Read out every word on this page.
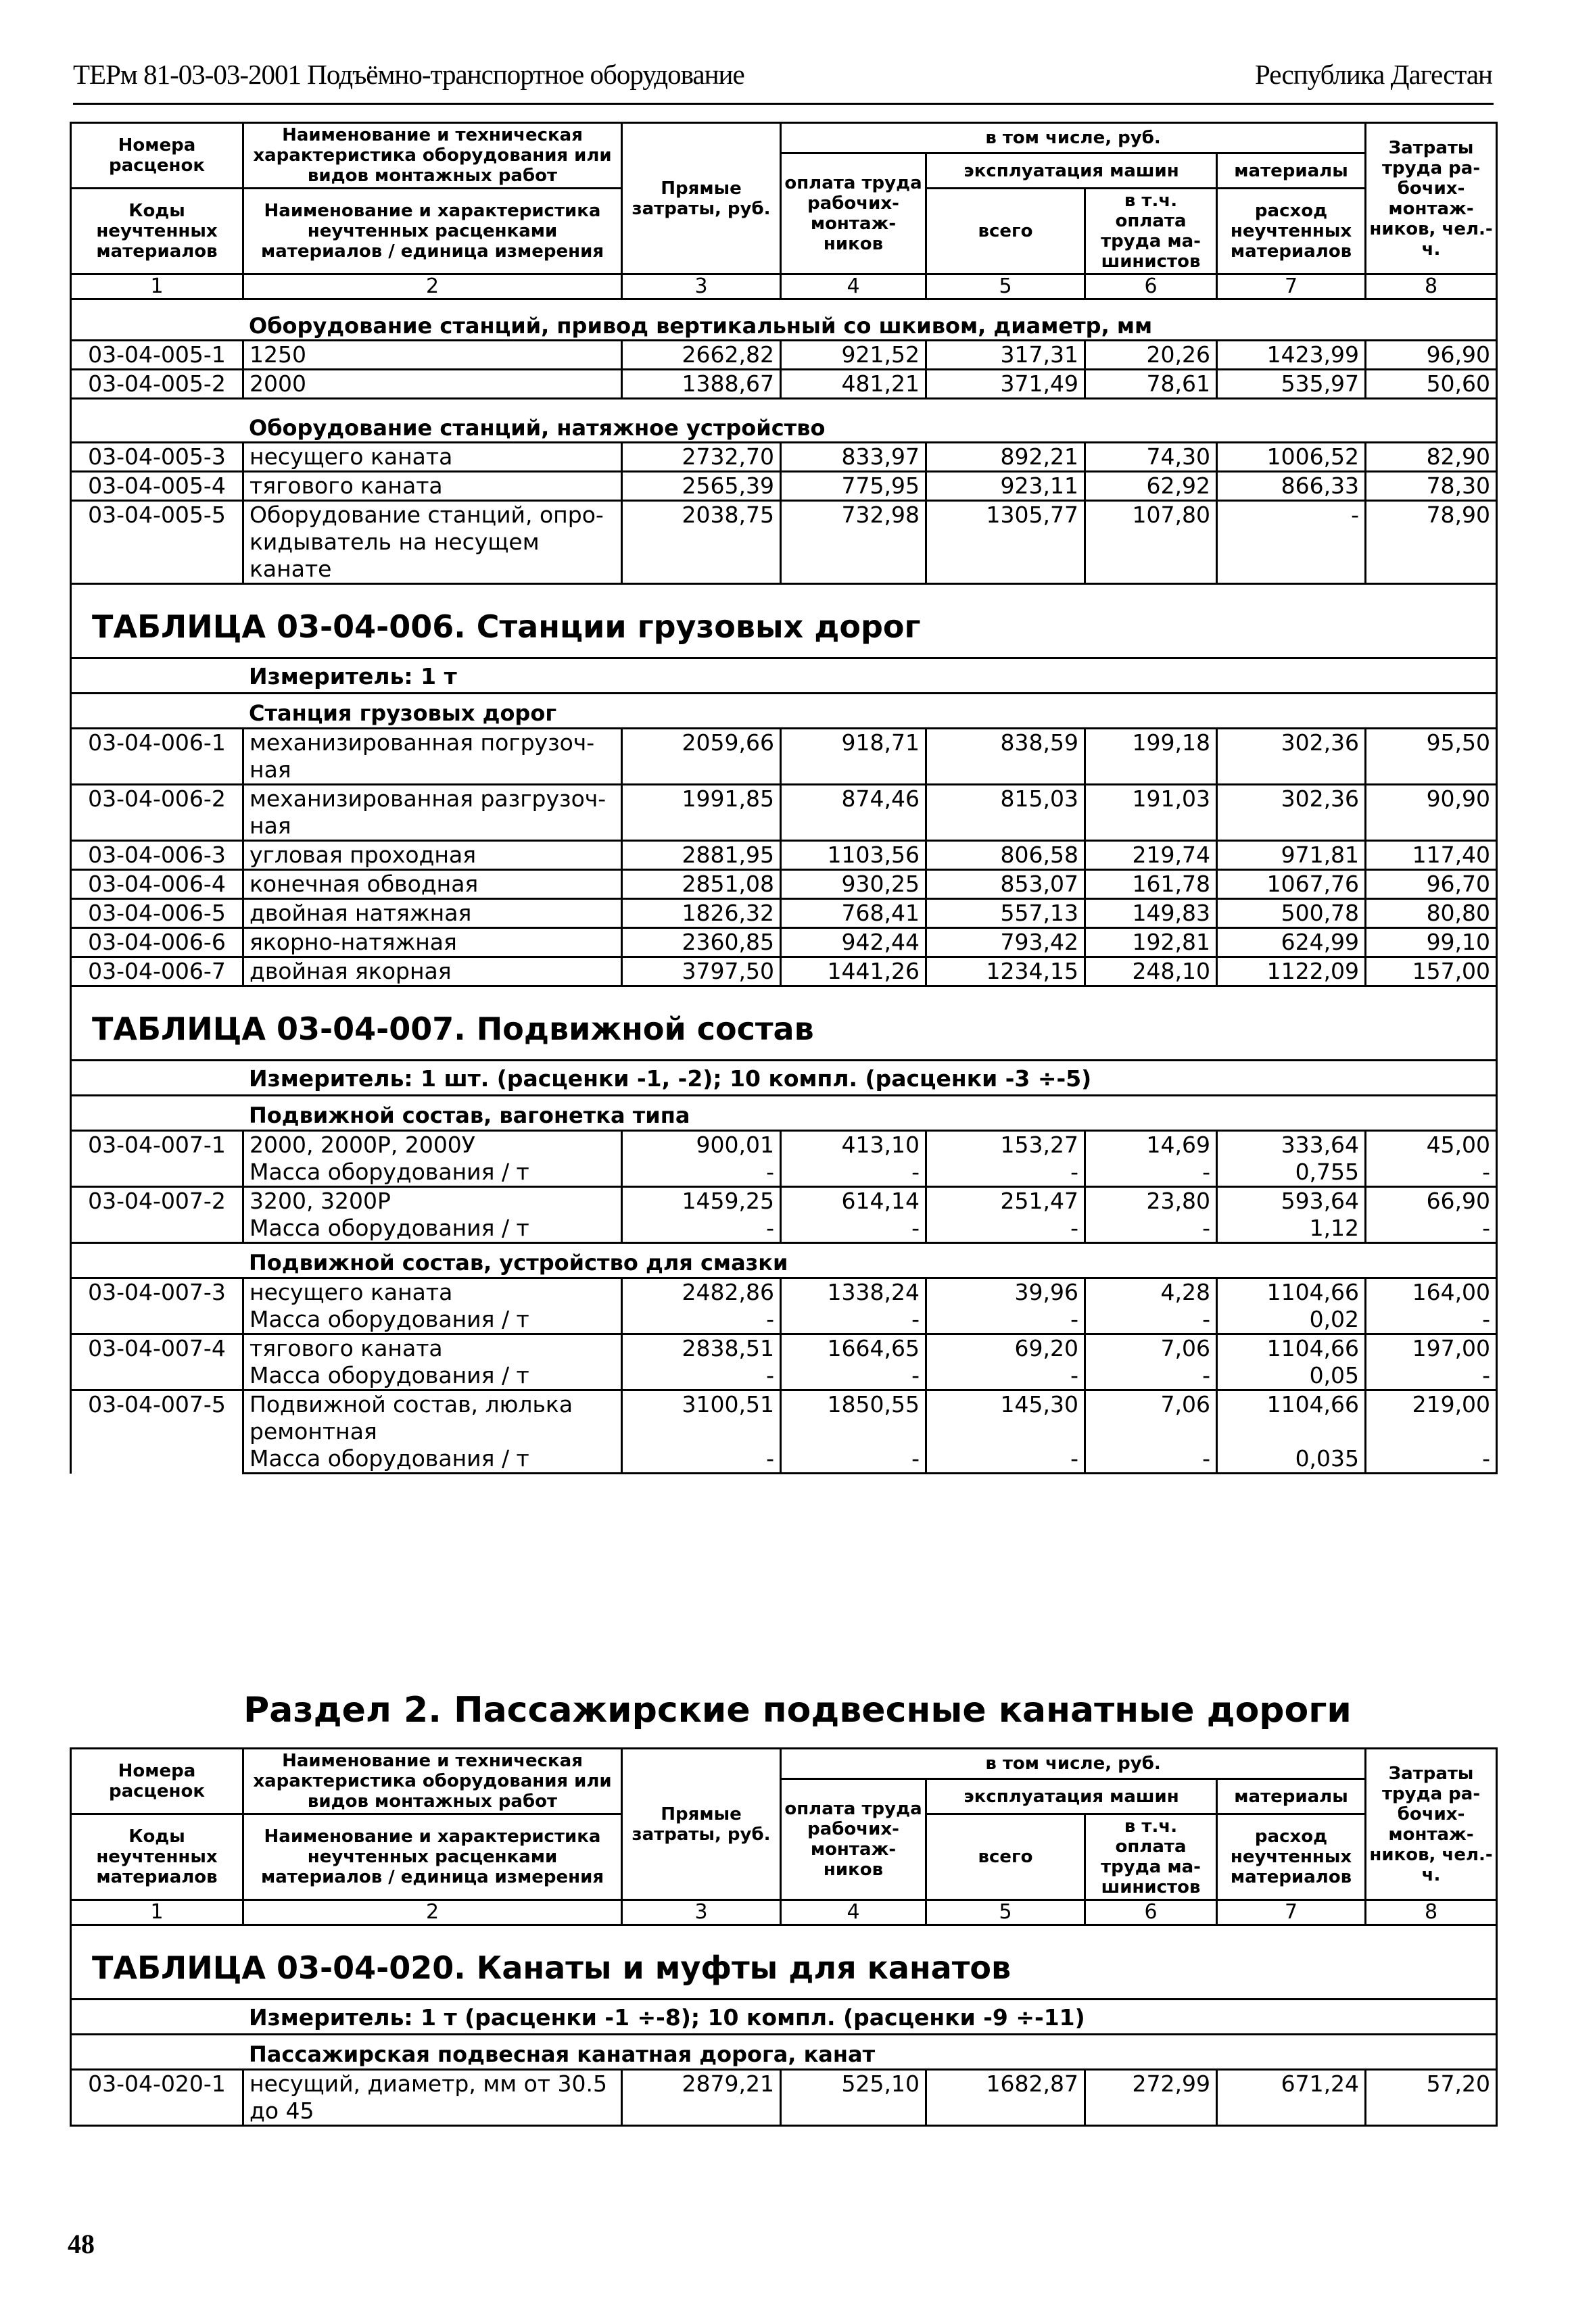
ТЕРм 81-03-03-2001 Подъёмно-транспортное оборудование	Республика Дагестан
Номера расценок	Наименование и техническая характеристика оборудования или видов монтажных работ	Прямые затраты, руб.	в том числе, руб.				Затраты труда ра-бочих-монтаж-ников, чел.-ч.
			оплата труда рабочих-монтаж-ников	эксплуатация машин		материалы	
Коды неучтенных материалов	Наименование и характеристика неучтенных расценками материалов / единица измерения			всего	в т.ч. оплата труда ма-шинистов	расход неучтенных материалов	

1	2	3	4	5	6	7	8
Оборудование станций, привод вертикальный со шкивом, диаметр, мм							
03-04-005-1	1250	2662,82	921,52	317,31	20,26	1423,99	96,90
03-04-005-2	2000	1388,67	481,21	371,49	78,61	535,97	50,60
Оборудование станций, натяжное устройство							
03-04-005-3	несущего каната	2732,70	833,97	892,21	74,30	1006,52	82,90
03-04-005-4	тягового каната	2565,39	775,95	923,11	62,92	866,33	78,30
03-04-005-5	Оборудование станций, опро-кидыватель на несущем канате	2038,75	732,98	1305,77	107,80	-	78,90
ТАБЛИЦА 03-04-006. Станции грузовых дорог							
Измеритель: 1 т							
Станция грузовых дорог							
03-04-006-1	механизированная погрузоч-ная	2059,66	918,71	838,59	199,18	302,36	95,50
03-04-006-2	механизированная разгрузоч-ная	1991,85	874,46	815,03	191,03	302,36	90,90
03-04-006-3	угловая проходная	2881,95	1103,56	806,58	219,74	971,81	117,40
03-04-006-4	конечная обводная	2851,08	930,25	853,07	161,78	1067,76	96,70
03-04-006-5	двойная натяжная	1826,32	768,41	557,13	149,83	500,78	80,80
03-04-006-6	якорно-натяжная	2360,85	942,44	793,42	192,81	624,99	99,10
03-04-006-7	двойная якорная	3797,50	1441,26	1234,15	248,10	1122,09	157,00
ТАБЛИЦА 03-04-007. Подвижной состав							
Измеритель: 1 шт. (расценки -1, -2); 10 компл. (расценки -3 ÷-5)							
Подвижной состав, вагонетка типа							
03-04-007-1	2000, 2000Р, 2000У	900,01	413,10	153,27	14,69	333,64	45,00
	Масса оборудования / т	-	-	-	-	0,755	-
03-04-007-2	3200, 3200Р	1459,25	614,14	251,47	23,80	593,64	66,90
	Масса оборудования / т	-	-	-	-	1,12	-
Подвижной состав, устройство для смазки							
03-04-007-3	несущего каната	2482,86	1338,24	39,96	4,28	1104,66	164,00
	Масса оборудования / т	-	-	-	-	0,02	-
03-04-007-4	тягового каната	2838,51	1664,65	69,20	7,06	1104,66	197,00
	Масса оборудования / т	-	-	-	-	0,05	-
03-04-007-5	Подвижной состав, люлька ремонтная	3100,51	1850,55	145,30	7,06	1104,66	219,00
	Масса оборудования / т	-	-	-	-	0,035	-
Раздел 2. Пассажирские подвесные канатные дороги
Номера расценок	Наименование и техническая характеристика оборудования или видов монтажных работ	Прямые затраты, руб.	в том числе, руб.				Затраты труда ра-бочих-монтаж-ников, чел.-ч.
			оплата труда рабочих-монтаж-ников	эксплуатация машин		материалы	
Коды неучтенных материалов	Наименование и характеристика неучтенных расценками материалов / единица измерения			всего	в т.ч. оплата труда ма-шинистов	расход неучтенных материалов	

1	2	3	4	5	6	7	8
ТАБЛИЦА 03-04-020. Канаты и муфты для канатов							
Измеритель: 1 т (расценки -1 ÷-8); 10 компл. (расценки -9 ÷-11)							
Пассажирская подвесная канатная дорога, канат							
03-04-020-1	несущий, диаметр, мм от 30.5 до 45	2879,21	525,10	1682,87	272,99	671,24	57,20
48
